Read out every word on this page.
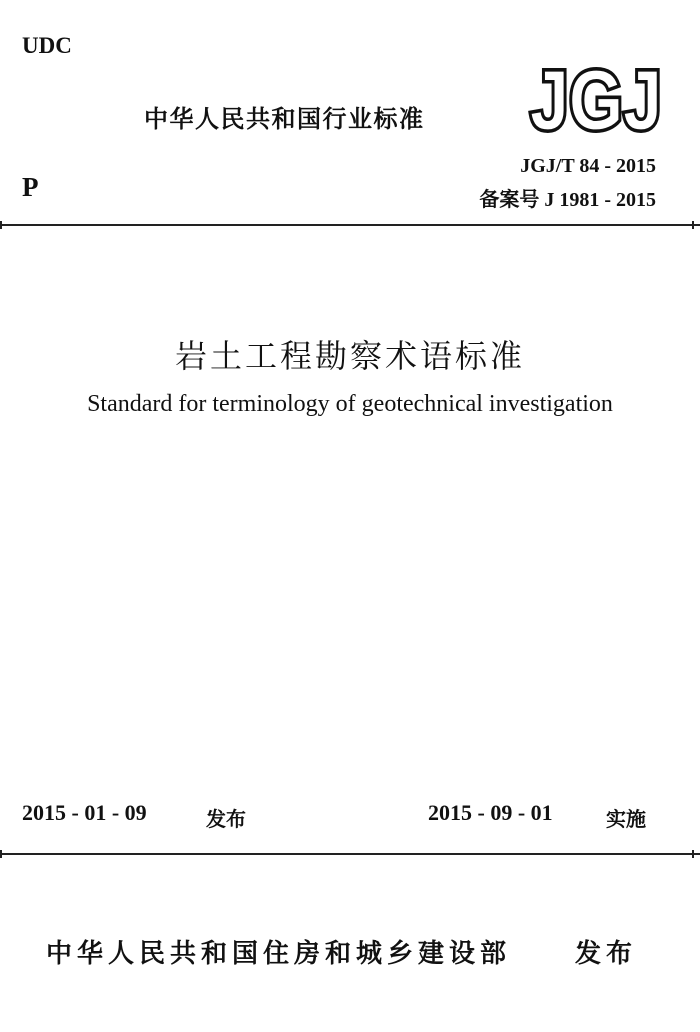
UDC
中华人民共和国行业标准 JGJ
JGJ
P
JGJ/T 84 - 2015
备案号 J 1981 - 2015
岩土工程勘察术语标准
Standard for terminology of geotechnical investigation
2015 - 01 - 09	发布	2015 - 09 - 01	实施
中华人民共和国住房和城乡建设部 发布
